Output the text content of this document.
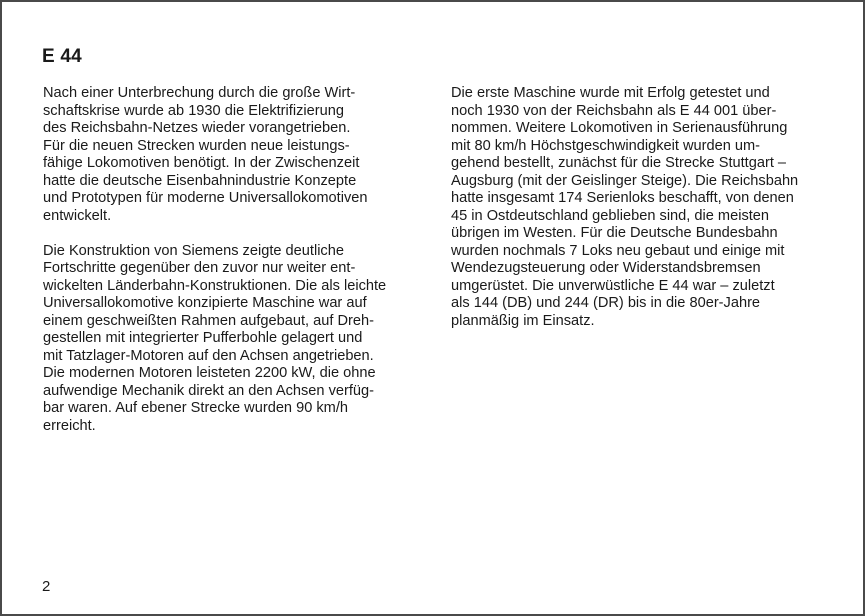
E 44

Nach einer Unterbrechung durch die große Wirt-
schaftskrise wurde ab 1930 die Elektrifizierung
des Reichsbahn-Netzes wieder vorangetrieben.
Für die neuen Strecken wurden neue leistungs-
fähige Lokomotiven benötigt. In der Zwischenzeit
hatte die deutsche Eisenbahnindustrie Konzepte
und Prototypen für moderne Universallokomotiven
entwickelt.

Die Konstruktion von Siemens zeigte deutliche
Fortschritte gegenüber den zuvor nur weiter ent-
wickelten Länderbahn-Konstruktionen. Die als leichte
Universallokomotive konzipierte Maschine war auf
einem geschweißten Rahmen aufgebaut, auf Dreh-
gestellen mit integrierter Pufferbohle gelagert und
mit Tatzlager-Motoren auf den Achsen angetrieben.
Die modernen Motoren leisteten 2200 kW, die ohne
aufwendige Mechanik direkt an den Achsen verfüg-
bar waren. Auf ebener Strecke wurden 90 km/h
erreicht.

Die erste Maschine wurde mit Erfolg getestet und
noch 1930 von der Reichsbahn als E 44 001 über-
nommen. Weitere Lokomotiven in Serienausführung
mit 80 km/h Höchstgeschwindigkeit wurden um-
gehend bestellt, zunächst für die Strecke Stuttgart –
Augsburg (mit der Geislinger Steige). Die Reichsbahn
hatte insgesamt 174 Serienloks beschafft, von denen
45 in Ostdeutschland geblieben sind, die meisten
übrigen im Westen. Für die Deutsche Bundesbahn
wurden nochmals 7 Loks neu gebaut und einige mit
Wendezugsteuerung oder Widerstandsbremsen
umgerüstet. Die unverwüstliche E 44 war – zuletzt
als 144 (DB) und 244 (DR) bis in die 80er-Jahre
planmäßig im Einsatz.

2
